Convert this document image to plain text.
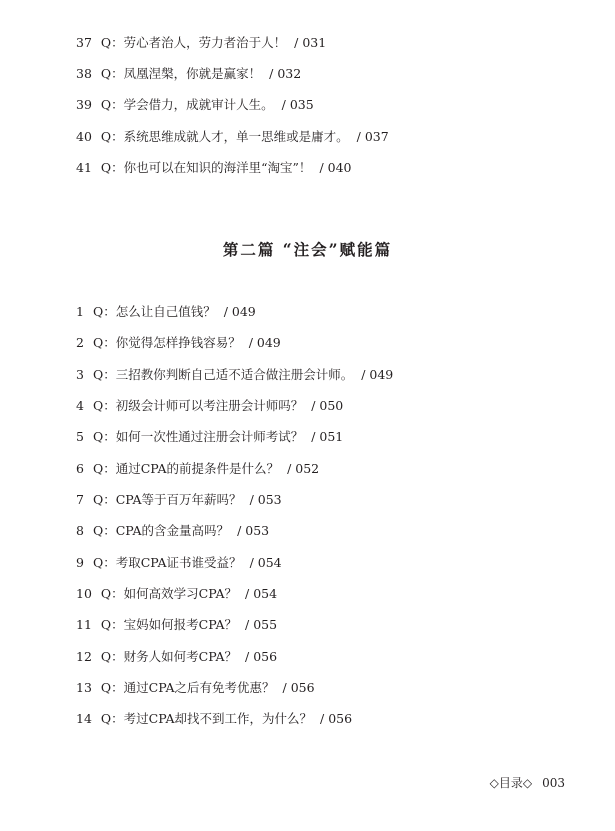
37 Q：劳心者治人，劳力者治于人！ / 031
38 Q：凤凰涅槃，你就是赢家！ / 032
39 Q：学会借力，成就审计人生。 / 035
40 Q：系统思维成就人才，单一思维或是庸才。 / 037
41 Q：你也可以在知识的海洋里“淘宝”！ / 040
第二篇 “注会”赋能篇
1 Q：怎么让自己值钱？ / 049
2 Q：你觉得怎样挣钱容易？ / 049
3 Q：三招教你判断自己适不适合做注册会计师。 / 049
4 Q：初级会计师可以考注册会计师吗？ / 050
5 Q：如何一次性通过注册会计师考试？ / 051
6 Q：通过CPA的前提条件是什么？ / 052
7 Q：CPA等于百万年薪吗？ / 053
8 Q：CPA的含金量高吗？ / 053
9 Q：考取CPA证书谁受益？ / 054
10 Q：如何高效学习CPA？ / 054
11 Q：宝妈如何报考CPA？ / 055
12 Q：财务人如何考CPA？ / 056
13 Q：通过CPA之后有免考优惠？ / 056
14 Q：考过CPA却找不到工作，为什么？ / 056
◇目录◇ 003
